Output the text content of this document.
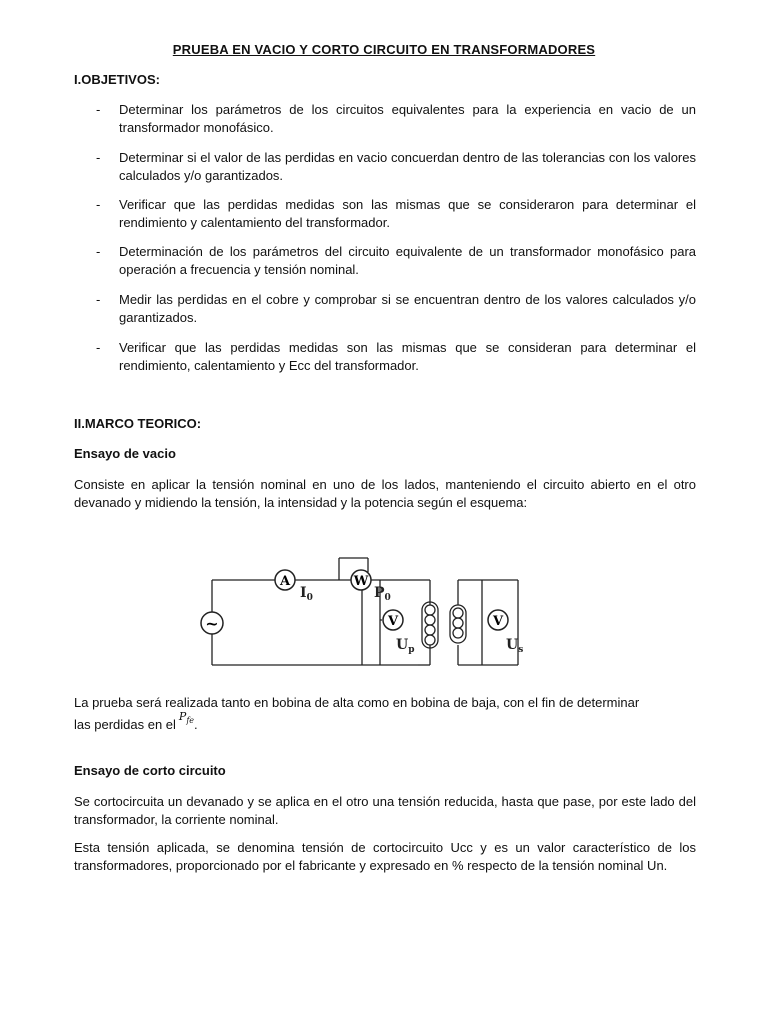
PRUEBA EN VACIO Y CORTO CIRCUITO EN TRANSFORMADORES
I.OBJETIVOS:
- Determinar los parámetros de los circuitos equivalentes para la experiencia en vacio de un transformador monofásico.
- Determinar si el valor de las perdidas en vacio concuerdan dentro de las tolerancias con los valores calculados y/o garantizados.
- Verificar que las perdidas medidas son las mismas que se consideraron para determinar el rendimiento y calentamiento del transformador.
- Determinación de los parámetros del circuito equivalente de un transformador monofásico para operación a frecuencia y tensión nominal.
- Medir las perdidas en el cobre y comprobar si se encuentran dentro de los valores calculados y/o garantizados.
- Verificar que las perdidas medidas son las mismas que se consideran para determinar el rendimiento, calentamiento y Ecc del transformador.
II.MARCO TEORICO:
Ensayo de vacio
Consiste en aplicar la tensión nominal en uno de los lados, manteniendo el circuito abierto en el otro devanado y midiendo la tensión, la intensidad y la potencia según el esquema:
~
A	W
V	V
$I_0$	$P_0$
$U_p$	$U_s$
La prueba será realizada tanto en bobina de alta como en bobina de baja, con el fin de determinar
las perdidas en $el^{P_{fe}}$.
Ensayo de corto circuito
Se cortocircuita un devanado y se aplica en el otro una tensión reducida, hasta que pase, por este lado del transformador, la corriente nominal.
Esta tensión aplicada, se denomina tensión de cortocircuito Ucc y es un valor característico de los transformadores, proporcionado por el fabricante y expresado en % respecto de la tensión nominal Un.
